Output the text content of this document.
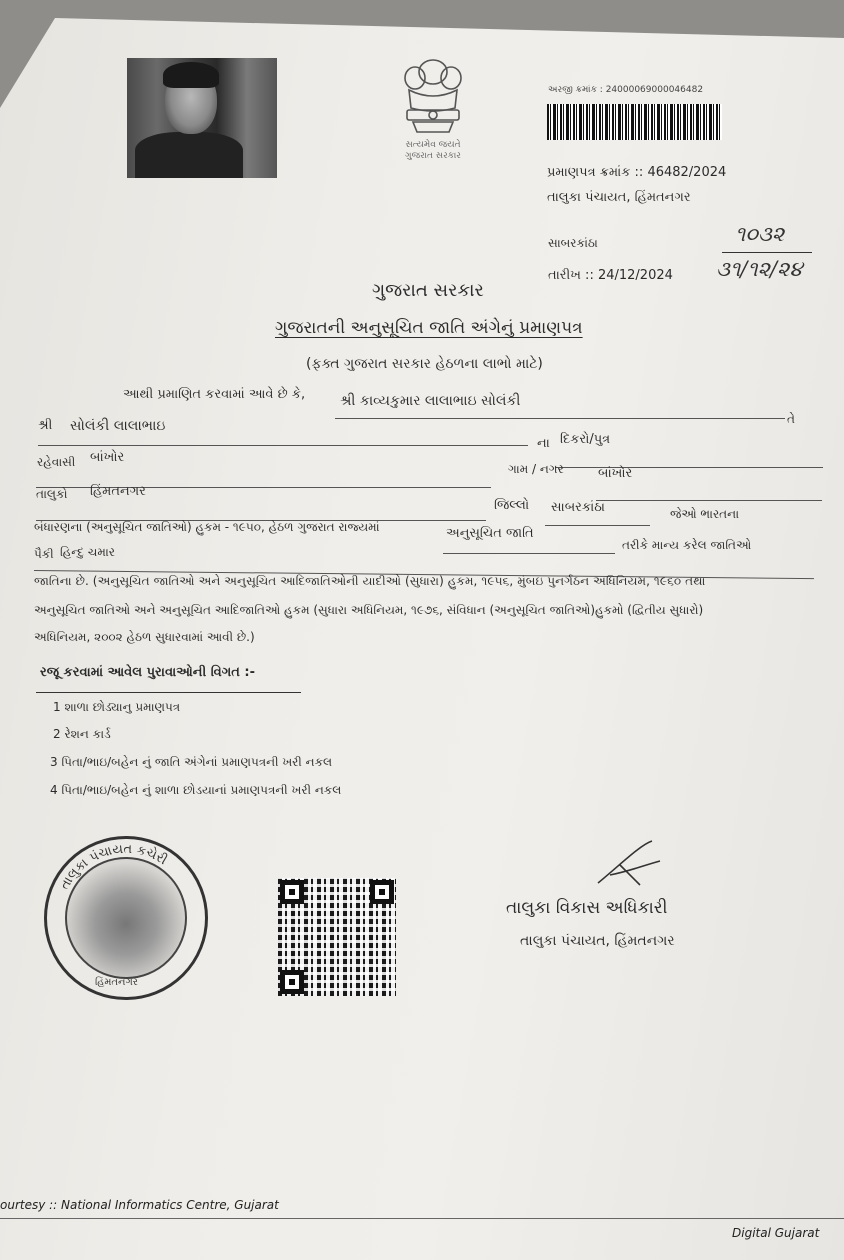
સત્યમેવ જયતે
ગુજરાત સરકાર
અરજી ક્રમાંક : 24000069000046482
પ્રમાણપત્ર ક્રમાંક :: 46482/2024
તાલુકા પંચાયત, હિંમતનગર
સાબરકાંઠા
તારીખ :: 24/12/2024
૧૦૩૨
૩૧/૧૨/૨૪
ગુજરાત સરકાર
ગુજરાતની અનુસૂચિત જાતિ અંગેનું પ્રમાણપત્ર
(ફક્ત ગુજરાત સરકાર હેઠળના લાભો માટે)
આથી પ્રમાણિત કરવામાં આવે છે કે, શ્રી કાવ્યકુમાર લાલાભાઇ સોલંકી
તે
શ્રી સોલંકી લાલાભાઇ
ના દિકરો/પુત્ર
રહેવાસી બાંખોર
ગામ / નગર	બાંખોર
તાલુકો હિંમતનગર
જિલ્લો સાબરકાંઠા	જેઓ ભારતના
બંધારણના (અનુસૂચિત જાતિઓ) હુકમ - ૧૯૫૦, હેઠળ ગુજરાત રાજ્યમાં	અનુસૂચિત જાતિ
તરીકે માન્ય કરેલ જાતિઓ
પૈકી હિન્દુ ચમાર
જાતિના છે. (અનુસૂચિત જાતિઓ અને અનુસૂચિત આદિજાતિઓની યાદીઓ (સુધારા) હુકમ, ૧૯૫૬, મુંબઇ પુનર્ગઠન અધિનિયમ, ૧૯૬૦ તથા
અનુસૂચિત જાતિઓ અને અનુસૂચિત આદિજાતિઓ હુકમ (સુધારા અધિનિયમ, ૧૯૭૬, સંવિધાન (અનુસૂચિત જાતિઓ)હુકમો (દ્વિતીય સુધારો)
અધિનિયમ, ૨૦૦૨ હેઠળ સુધારવામાં આવી છે.)
રજૂ કરવામાં આવેલ પુરાવાઓની વિગત :-
1 શાળા છોડ્યાનુ પ્રમાણપત્ર
2 રેશન કાર્ડ
3 પિતા/ભાઇ/બહેન નું જાતિ અંગેનાં પ્રમાણપત્રની ખરી નકલ
4 પિતા/ભાઇ/બહેન નું શાળા છોડયાનાં પ્રમાણપત્રની ખરી નકલ
તાલુકા પંચાયત કચેરી
હિંમતનગર
તાલુકા વિકાસ અધિકારી
તાલુકા પંચાયત, હિંમતનગર
ourtesy :: National Informatics Centre, Gujarat
Digital Gujarat
